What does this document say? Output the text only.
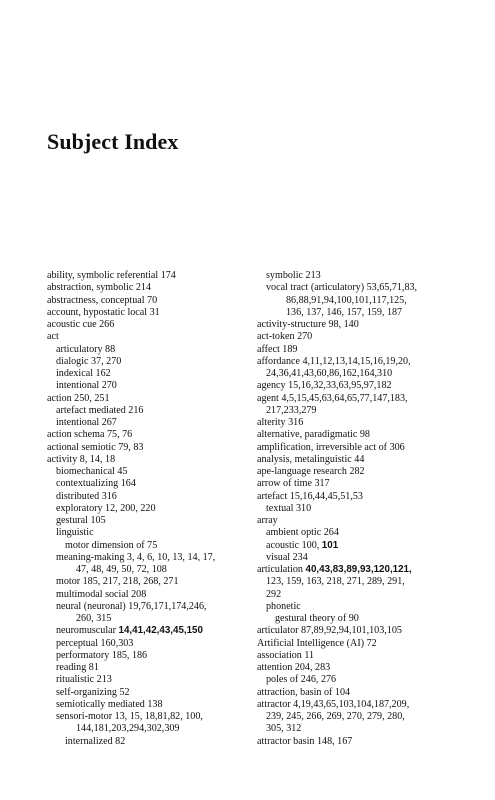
Subject Index
ability, symbolic referential 174
abstraction, symbolic 214
abstractness, conceptual 70
account, hypostatic local 31
acoustic cue 266
act
articulatory 88
dialogic 37, 270
indexical 162
intentional 270
action 250, 251
artefact mediated 216
intentional 267
action schema 75, 76
actional semiotic 79, 83
activity 8, 14, 18
biomechanical 45
contextualizing 164
distributed 316
exploratory 12, 200, 220
gestural 105
linguistic
motor dimension of 75
meaning-making 3, 4, 6, 10, 13, 14, 17,
47, 48, 49, 50, 72, 108
motor 185, 217, 218, 268, 271
multimodal social 208
neural (neuronal) 19,76,171,174,246,
260, 315
neuromuscular 14,41,42,43,45,150
perceptual 160,303
performatory 185, 186
reading 81
ritualistic 213
self-organizing 52
semiotically mediated 138
sensori-motor 13, 15, 18,81,82, 100,
144,181,203,294,302,309
internalized 82
symbolic 213
vocal tract (articulatory) 53,65,71,83,
86,88,91,94,100,101,117,125,
136, 137, 146, 157, 159, 187
activity-structure 98, 140
act-token 270
affect 189
affordance 4,11,12,13,14,15,16,19,20,
24,36,41,43,60,86,162,164,310
agency 15,16,32,33,63,95,97,182
agent 4,5,15,45,63,64,65,77,147,183,
217,233,279
alterity 316
alternative, paradigmatic 98
amplification, irreversible act of 306
analysis, metalinguistic 44
ape-language research 282
arrow of time 317
artefact 15,16,44,45,51,53
textual 310
array
ambient optic 264
acoustic 100, 101
visual 234
articulation 40,43,83,89,93,120,121,
123, 159, 163, 218, 271, 289, 291,
292
phonetic
gestural theory of 90
articulator 87,89,92,94,101,103,105
Artificial Intelligence (AI) 72
association 11
attention 204, 283
poles of 246, 276
attraction, basin of 104
attractor 4,19,43,65,103,104,187,209,
239, 245, 266, 269, 270, 279, 280,
305, 312
attractor basin 148, 167
